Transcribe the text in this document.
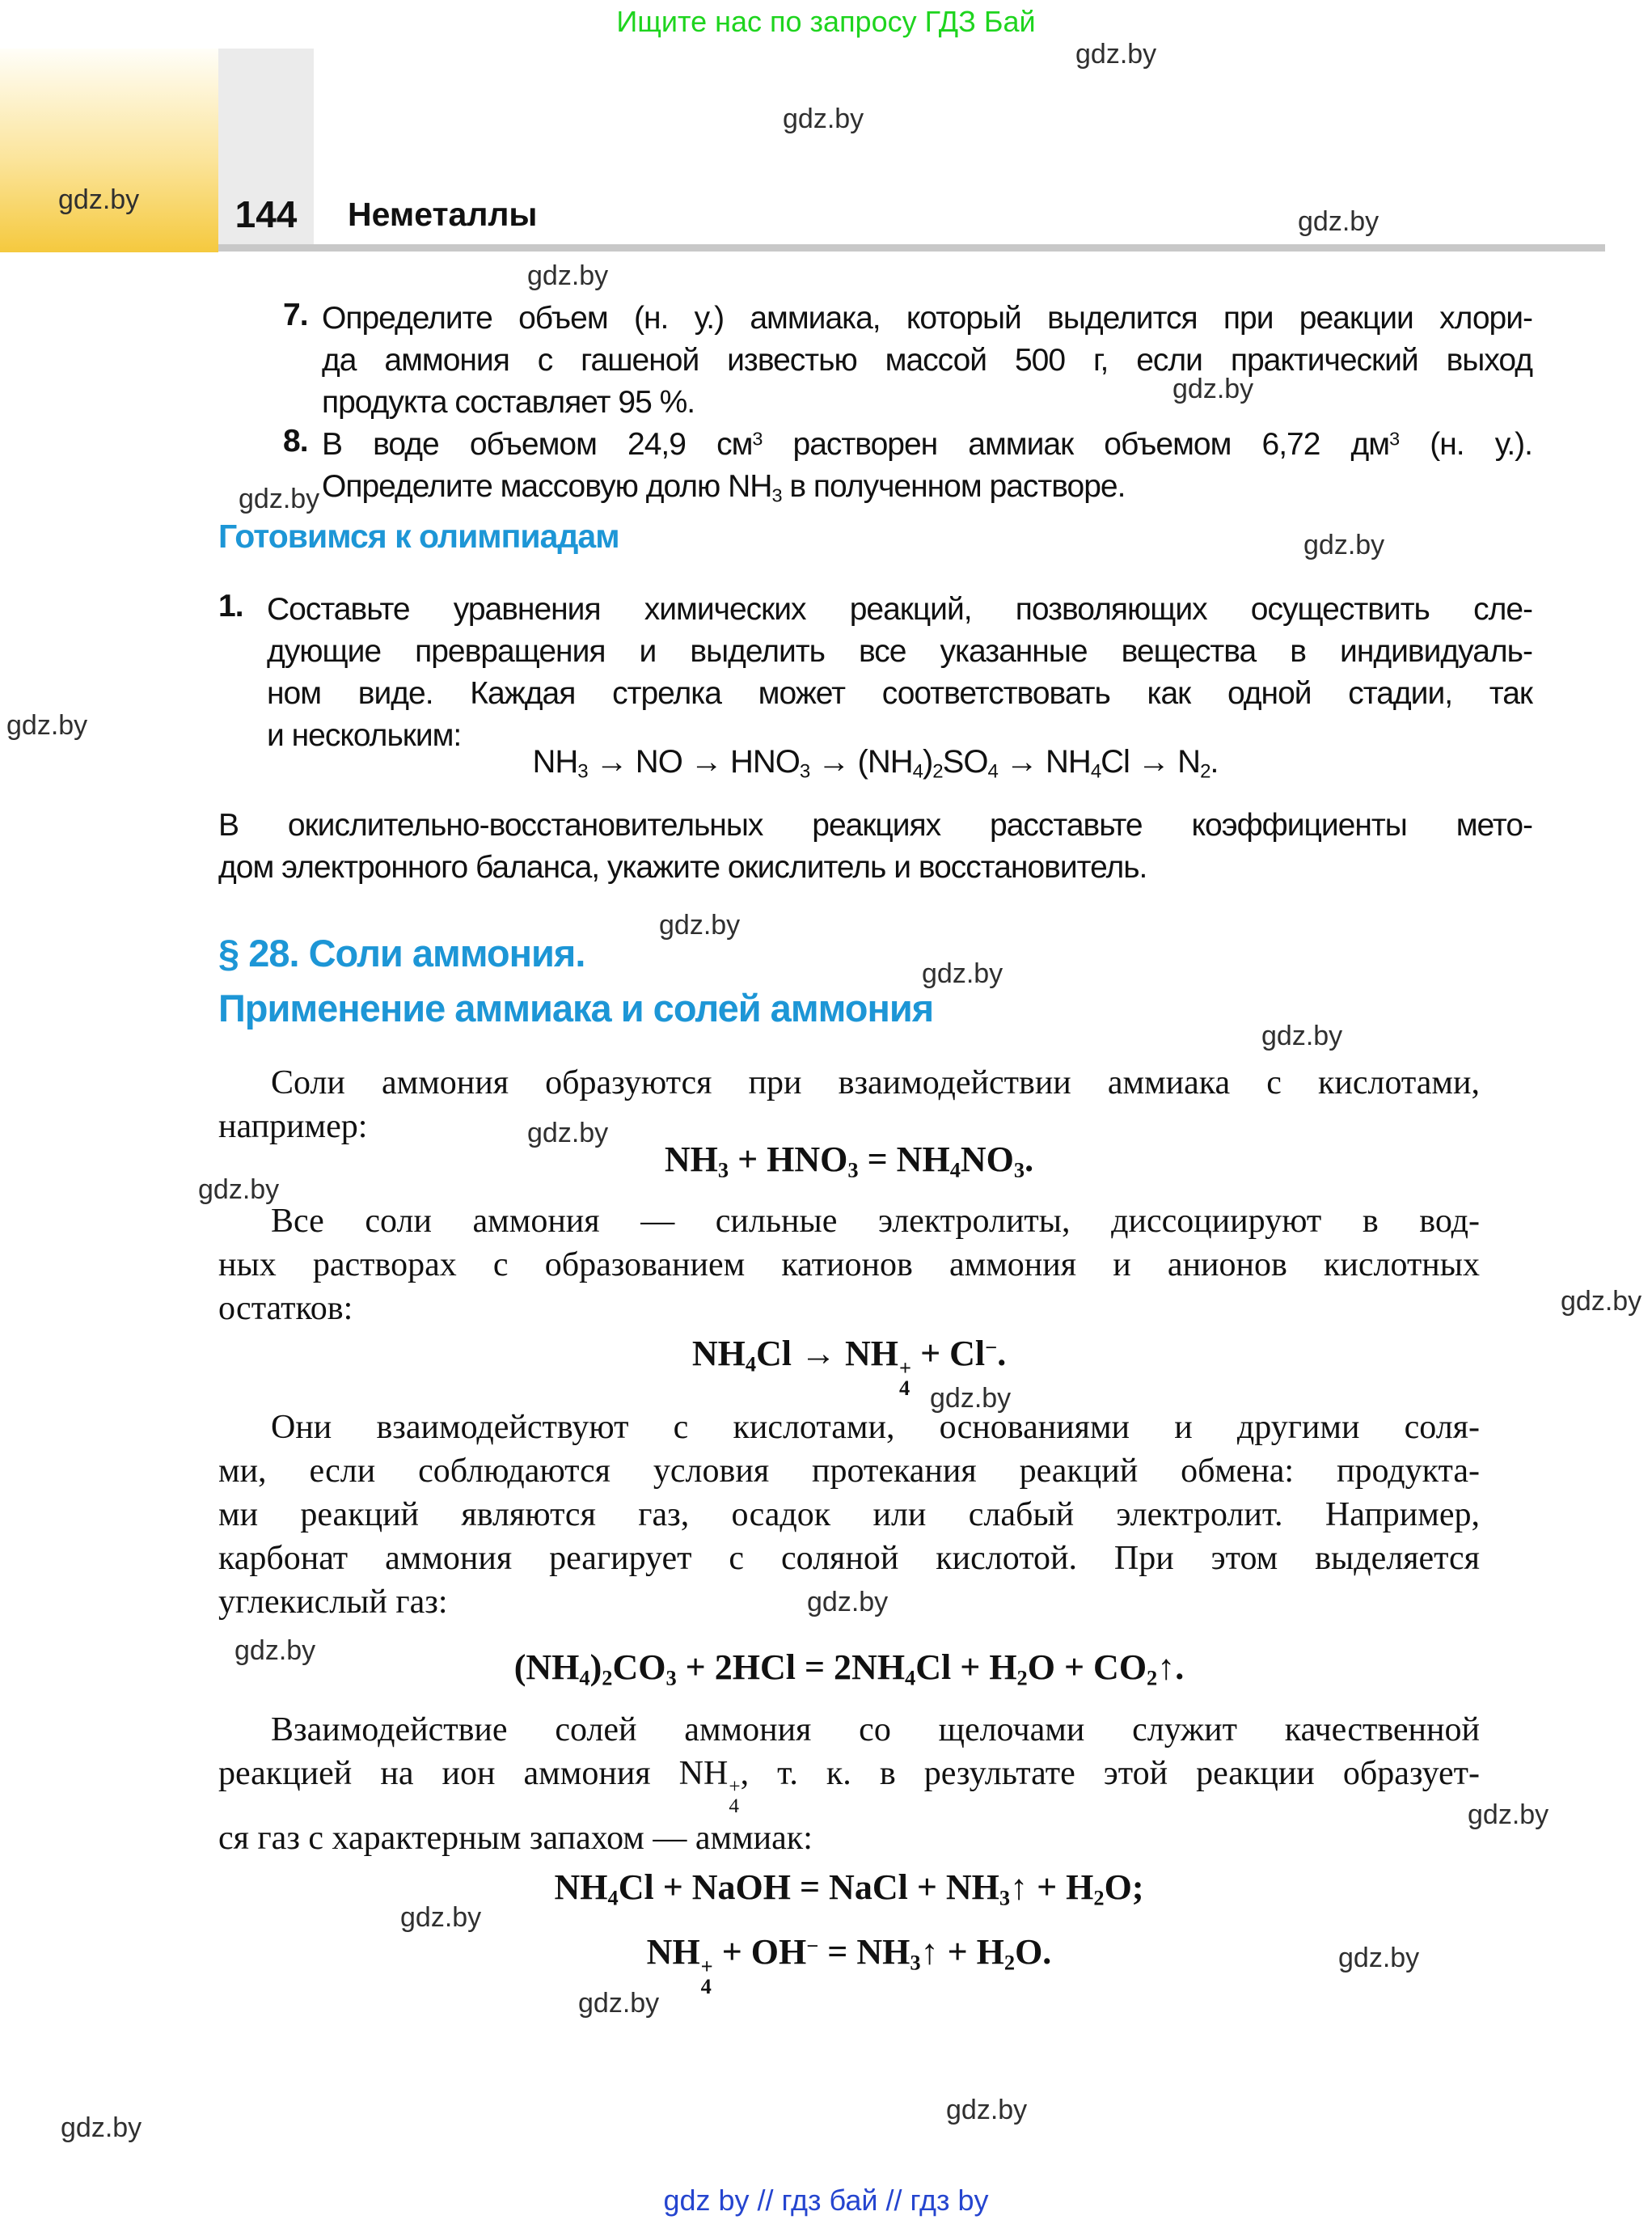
Ищите нас по запросу ГДЗ Бай
144	Неметаллы
7. Определите объем (н. у.) аммиака, который выделится при реакции хлори-
да аммония с гашеной известью массой 500 г, если практический выход
продукта составляет 95 %.
8. В воде объемом 24,9 $см^3$ растворен аммиак объемом 6,72 $дм^3$ (н. у.).
Определите массовую долю $NH_3$ в полученном растворе.
Готовимся к олимпиадам
1. Составьте уравнения химических реакций, позволяющих осуществить сле-
дующие превращения и выделить все указанные вещества в индивидуаль-
ном виде. Каждая стрелка может соответствовать как одной стадии, так
и нескольким:
$NH_3$ → NO → $HNO_3 \to (NH_4)_2SO_4 \to NH_4Cl \to N_2$.
В окислительно-восстановительных реакциях расставьте коэффициенты мето-
дом электронного баланса, укажите окислитель и восстановитель.
§ 28. Соли аммония.
Применение аммиака и солей аммония
Соли аммония образуются при взаимодействии аммиака с кислотами,
например:
$NH_3 + HNO_3 = NH_4NO_3$.
Все соли аммония — сильные электролиты, диссоциируют в вод-
ных растворах с образованием катионов аммония и анионов кислотных
остатков:
$NH_4Cl$ → NH +
4
+ Cl−.
Они взаимодействуют с кислотами, основаниями и другими соля-
ми, если соблюдаются условия протекания реакций обмена: продукта-
ми реакций являются газ, осадок или слабый электролит. Например,
карбонат аммония реагирует с соляной кислотой. При этом выделяется
углекислый газ:
$(NH_4)_2CO_3 + 2HCl = 2NH_4Cl + H_2O$ + $CO_2↑$.
Взаимодействие солей аммония со щелочами служит качественной
реакцией на ион аммония NH +
4
, т. к. в результате этой реакции образует-
ся газ с характерным запахом — аммиак:
$NH_4Cl$ + NaOH = NaCl + $NH_3↑ + H_2O$;
NH +
4
+ $OH^- = NH_3↑ + H_2O$.
gdz by // гдз бай // гдз by
gdz.by
gdz.by
gdz.by
gdz.by
gdz.by
gdz.by
gdz.by
gdz.by
gdz.by
gdz.by
gdz.by
gdz.by
gdz.by
gdz.by
gdz.by
gdz.by
gdz.by
gdz.by
gdz.by
gdz.by
gdz.by
gdz.by
gdz.by
gdz.by
